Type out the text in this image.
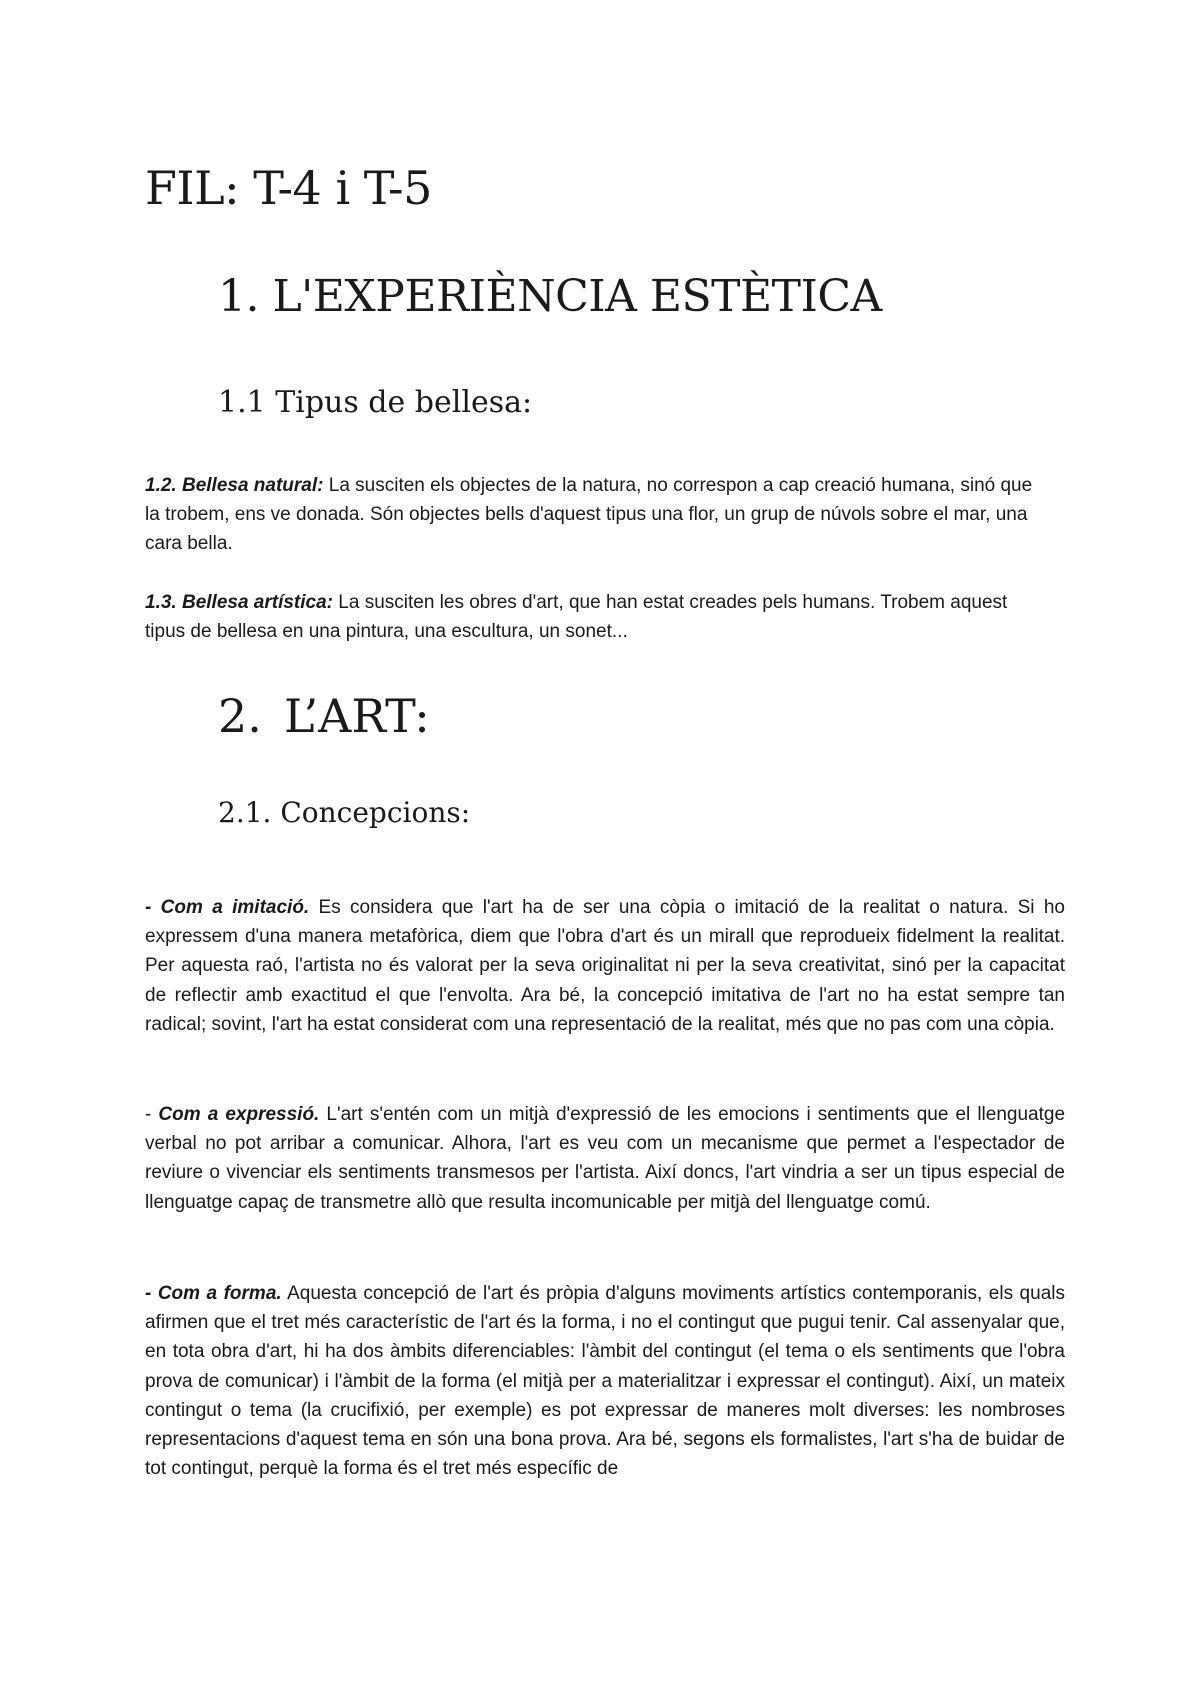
FIL: T-4 i T-5
1. L'EXPERIÈNCIA ESTÈTICA
1.1 Tipus de bellesa:

1.2. Bellesa natural: La susciten els objectes de la natura, no correspon a cap creació humana, sinó que la trobem, ens ve donada. Són objectes bells d'aquest tipus una flor, un grup de núvols sobre el mar, una cara bella.

1.3. Bellesa artística: La susciten les obres d'art, que han estat creades pels humans. Trobem aquest tipus de bellesa en una pintura, una escultura, un sonet...

2. L’ART:
2.1. Concepcions:

- Com a imitació. Es considera que l'art ha de ser una còpia o imitació de la realitat o natura. Si ho expressem d'una manera metafòrica, diem que l'obra d'art és un mirall que reprodueix fidelment la realitat. Per aquesta raó, l'artista no és valorat per la seva originalitat ni per la seva creativitat, sinó per la capacitat de reflectir amb exactitud el que l'envolta. Ara bé, la concepció imitativa de l'art no ha estat sempre tan radical; sovint, l'art ha estat considerat com una representació de la realitat, més que no pas com una còpia.

- Com a expressió. L'art s'entén com un mitjà d'expressió de les emocions i sentiments que el llenguatge verbal no pot arribar a comunicar. Alhora, l'art es veu com un mecanisme que permet a l'espectador de reviure o vivenciar els sentiments transmesos per l'artista. Així doncs, l'art vindria a ser un tipus especial de llenguatge capaç de transmetre allò que resulta incomunicable per mitjà del llenguatge comú.

- Com a forma. Aquesta concepció de l'art és pròpia d'alguns moviments artístics contemporanis, els quals afirmen que el tret més característic de l'art és la forma, i no el contingut que pugui tenir. Cal assenyalar que, en tota obra d'art, hi ha dos àmbits diferenciables: l'àmbit del contingut (el tema o els sentiments que l'obra prova de comunicar) i l'àmbit de la forma (el mitjà per a materialitzar i expressar el contingut). Així, un mateix contingut o tema (la crucifixió, per exemple) es pot expressar de maneres molt diverses: les nombroses representacions d'aquest tema en són una bona prova. Ara bé, segons els formalistes, l'art s'ha de buidar de tot contingut, perquè la forma és el tret més específic de
